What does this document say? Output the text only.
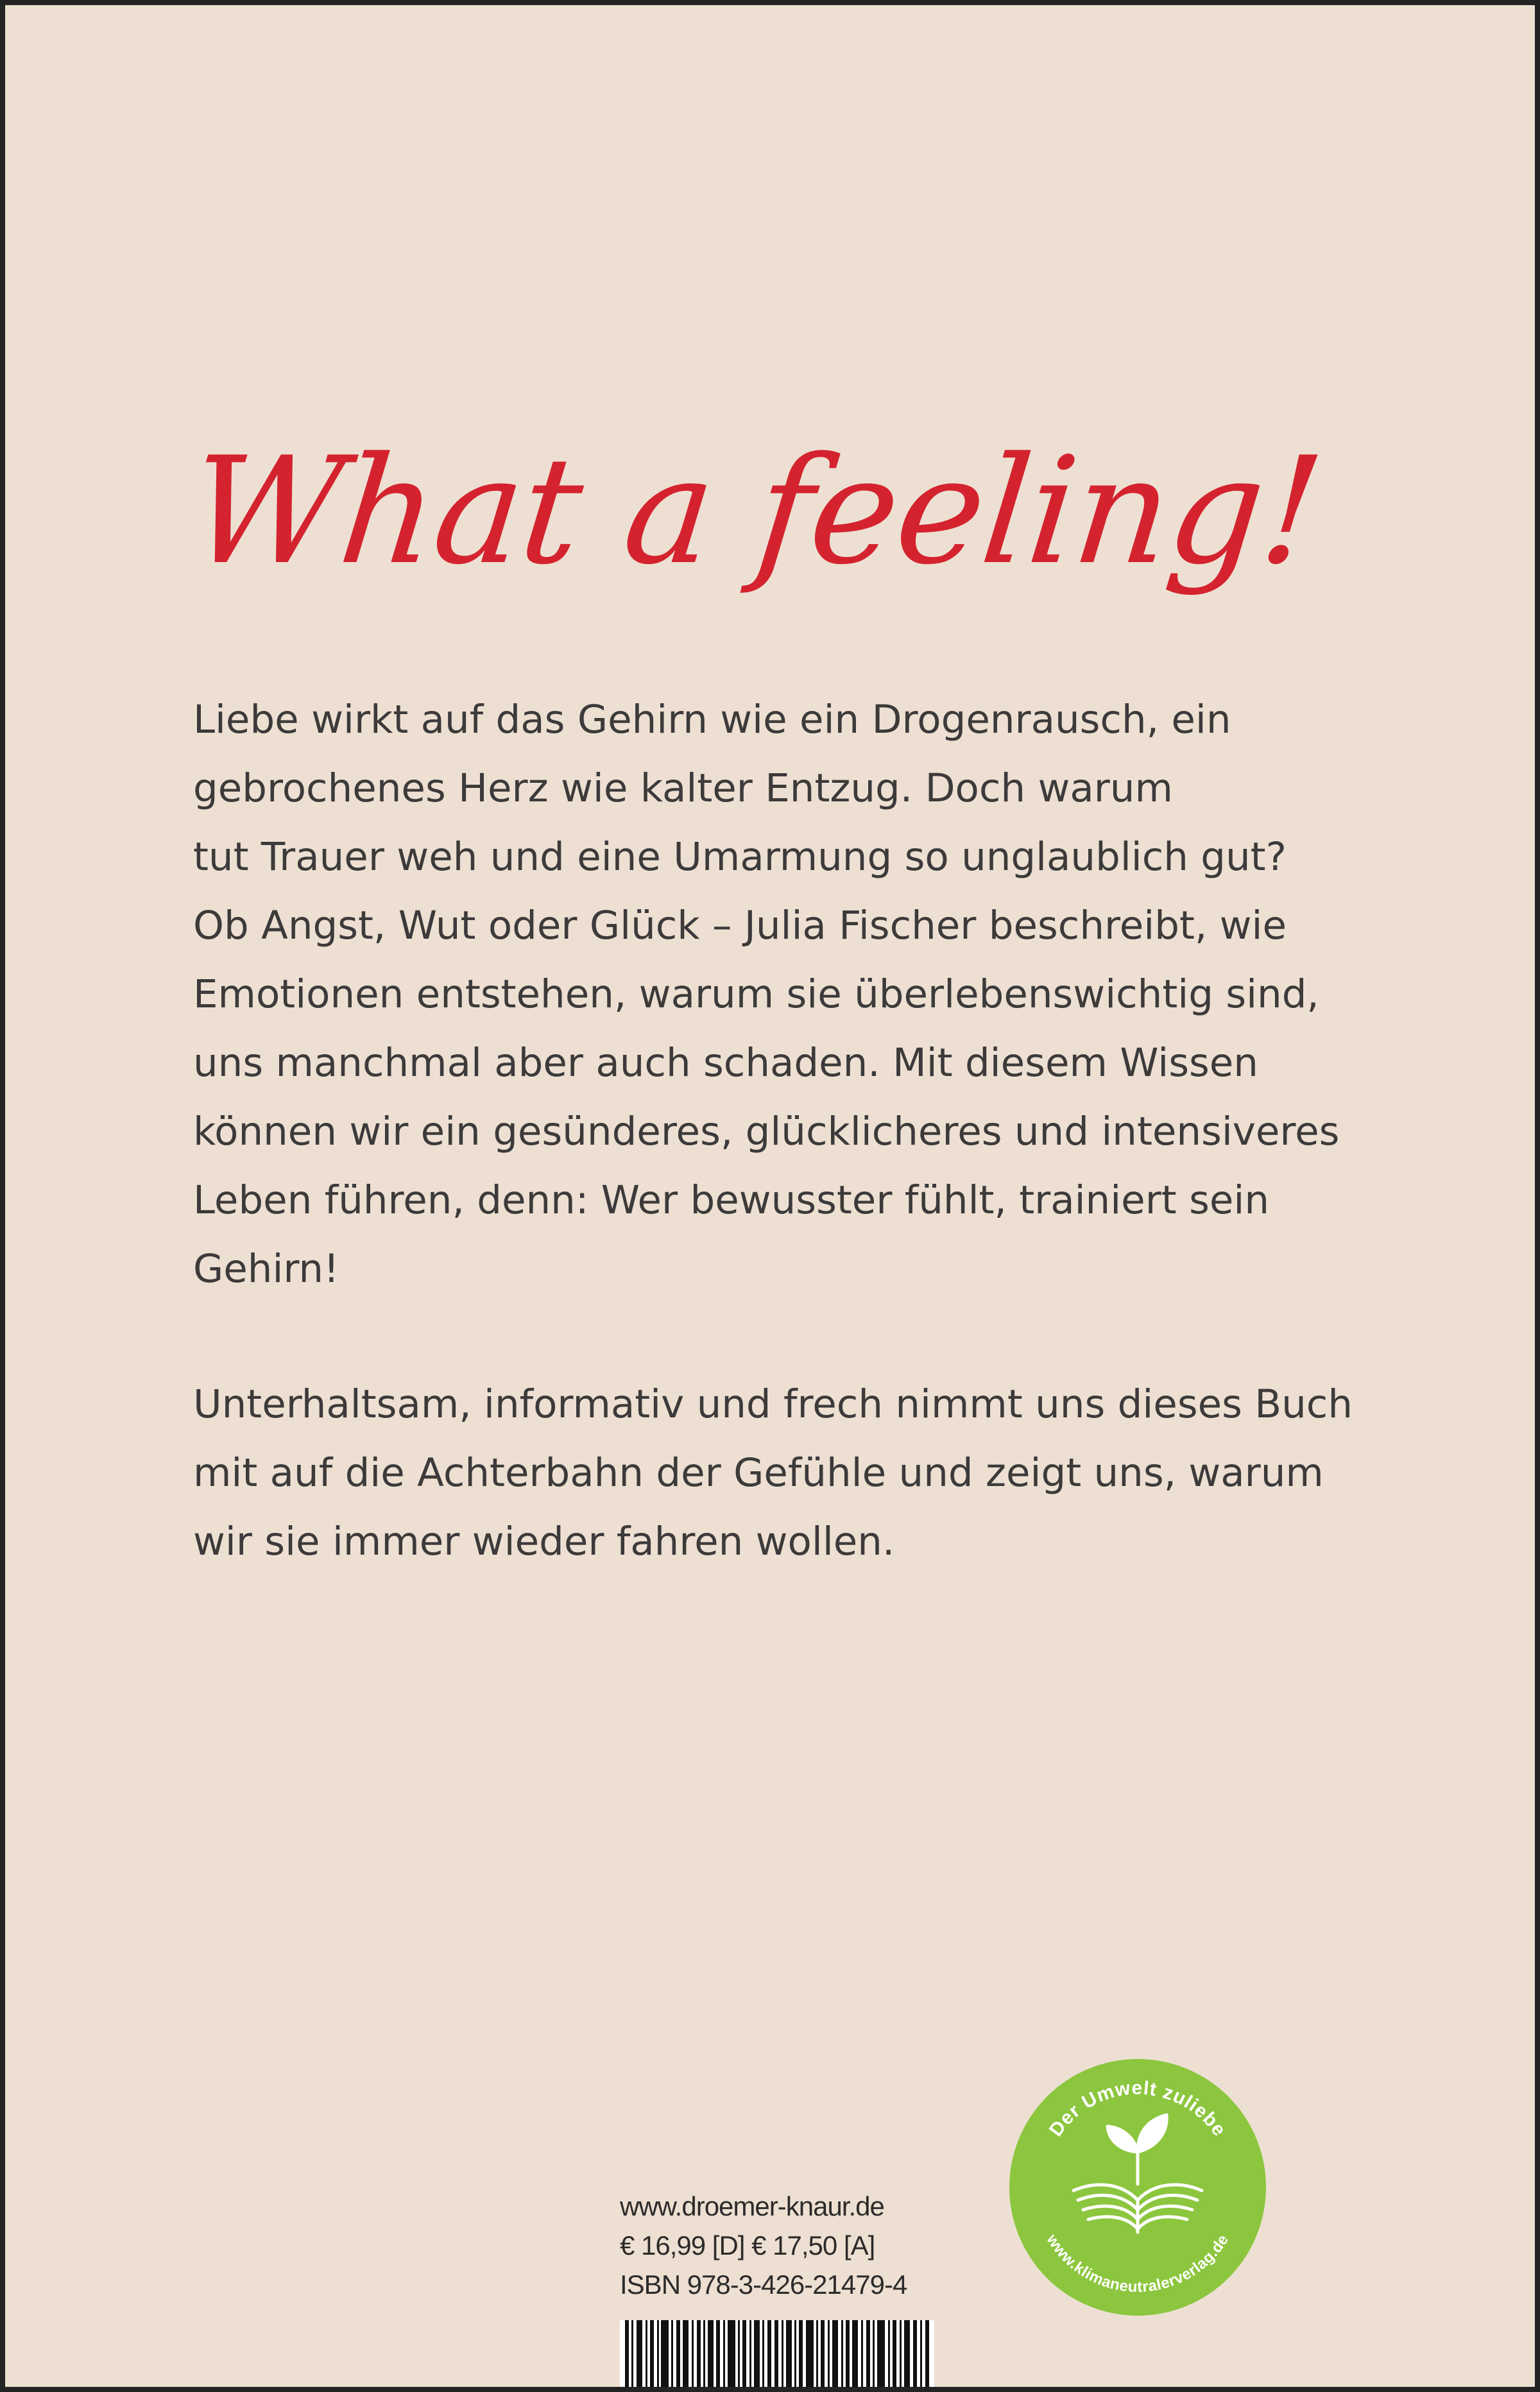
What a feeling!
Liebe wirkt auf das Gehirn wie ein Drogenrausch, ein
gebrochenes Herz wie kalter Entzug. Doch warum
tut Trauer weh und eine Umarmung so unglaublich gut?
Ob Angst, Wut oder Glück – Julia Fischer beschreibt, wie
Emotionen entstehen, warum sie überlebenswichtig sind,
uns manchmal aber auch schaden. Mit diesem Wissen
können wir ein gesünderes, glücklicheres und intensiveres
Leben führen, denn: Wer bewusster fühlt, trainiert sein
Gehirn!
Unterhaltsam, informativ und frech nimmt uns dieses Buch
mit auf die Achterbahn der Gefühle und zeigt uns, warum
wir sie immer wieder fahren wollen.
www.droemer-knaur.de
€ 16,99 [D] € 17,50 [A]
ISBN 978-3-426-21479-4
Der Umwelt zuliebe
www.klimaneutralerverlag.de
